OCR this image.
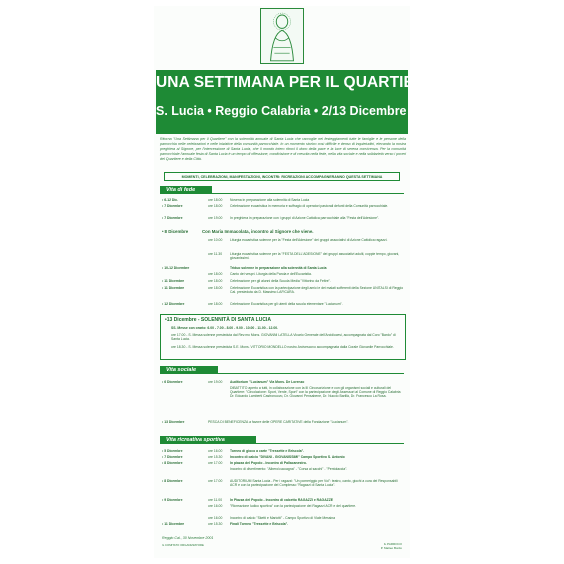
UNA SETTIMANA PER IL QUARTIERE
S. Lucia • Reggio Calabria • 2/13 Dicembre 2001
Ritorna "Una Settimana per il Quartiere" con la solennità annuale di Santa Lucia che raccoglie nei festeggiamenti tutte le famiglie e le persone della parrocchia nelle celebrazioni e nelle iniziative della comunità parrocchiale. In un momento storico così difficile e denso di inquietudini, elevando la nostra preghiera al Signore, per l'intercessione di Santa Lucia, che il mondo intero ritrovi il dono della pace e la luce di serena convivenza. Per la comunità parrocchiale l'annuale festa di Santa Lucia è un tempo di riflessione, condivisione e di crescita nella fede, nella vita sociale e nella solidarietà verso i poveri del Quartiere e della Città.
MOMENTI, CELEBRAZIONI, MANIFESTAZIONI, INCONTRI: RICREAZIONI ACCOMPAGNERANNO QUESTA SETTIMANA
Vita di fede
• 6-12 Dic.	ore 18.00	Novena in preparazione alla solennità di Santa Lucia
• 7 Dicembre	ore 18.00	Celebrazione eucaristica in memoria e suffragio di operatori pastorali defunti della Comunità parrocchiale.
• 7 Dicembre	ore 19.00	In preghiera in preparazione con i gruppi di Azione Cattolica parrocchiale alla "Festa dell'Adesione".
• 8 Dicembre	Con Maria Immacolata, incontro al Signore che viene.
ore 10.00	Liturgia eucaristica solenne per la "Festa dell'Adesione" dei gruppi associativi di Azione Cattolica ragazzi.
ore 11.30	Liturgia eucaristica solenne per la "FESTA DELL'ADESIONE" dei gruppi associativi adulti, coppie tempo, giovani, giovanissimi.
• 10-12 Dicembre	Triduo solenne in preparazione alla solennità di Santa Lucia
ore 18.00	Canto dei vespri. Liturgia della Parola e dell'Eucaristia.
• 11 Dicembre	ore 18.00	Celebrazione per gli alunni della Scuola Media "Vittorino da Feltre".
• 11 Dicembre	ore 18.00	Celebrazione Eucaristica con la partecipazione degli amici e dei malati sofferenti della Sezione UNITALSI di Reggio Cal. presieduta da D. Massimo LAFICARA.
• 12 Dicembre	ore 18.00	Celebrazione Eucaristica per gli utenti della scuola elementare "Lucianum".
•13 Dicembre - SOLENNITÀ DI SANTA LUCIA
SS. Messe con orario: 6.00 - 7.00 - 8.00 - 9.00 - 10.00 - 11.00 - 12.00.
ore 17.00 - S. Messa solenne presieduta dal Rev.mo Mons. GIOVANNI LATELLA Vicario Generale dell'Arcidiocesi, accompagnata dal Coro "Bardo" di Santa Lucia.
ore 18.30 - S. Messa solenne presieduta S.E. Mons. VITTORIO MONDELLO nostro Arcivescovo accompagnata dalla Corale Giovanile Parrocchiale.
Vita sociale
• 6 Dicembre	ore 19.00	Auditorium "Lucianum" Via Mons. De Lorenzo
DIBATTITO aperto a tutti, in collaborazione con la III Circoscrizione e con gli organismi sociali e culturali del Quartiere: "Circolazione: Sport, Verde, Sport" con la partecipazione degli Assessori al Comune di Reggio Calabria Dr. Edoardo Lamberti Castronuovo, Dr. Giovanni Pensabene, Dr. Nuccio Barillà, Dr. Francesco La Rosa.
• 13 Dicembre	PESCA DI BENEFICENZA a favore delle OPERE CARITATIVE della Fondazione "Lucianum".
Vita ricreativa sportiva
• 5 Dicembre	ore 16.00	Torneo di gioco a carte "Tressette e Briscola".
• 7 Dicembre	ore 15.30	Incontro di calcio "DIVANI - GIOVANISSIMI" Campo Sportivo S. Antonio
• 8 Dicembre	ore 17.00	In piazza del Popolo - Incontro di Pallacanestro.
Incontro di divertimento: "Albero/cuccagna" - "Corsa ai sacchi" - "Pentolaccia".
• 8 Dicembre	ore 17.00	AUDITORIUM Santa Lucia - Per i ragazzi: "Un pomeriggio per Voi": teatro, canto, giochi a cura dei Responsabili ACR e con la partecipazione del Complesso "Ragazzi di Santa Lucia".
• 9 Dicembre	ore 11.00	In Piazza del Popolo - Incontro di calcetto RAGAZZI e RAGAZZE
ore 16.00	"Ricreazione ludico sportiva" con la partecipazione dei Ragazzi ACR e del quartiere.
ore 16.00	Incontro di calcio "Sketti e Mariotti" - Campo Sportivo di Viale Messina
• 11 Dicembre	ore 15.30	Finali Torneo "Tressette e Briscola".
Reggio Cal., 30 Novembre 2001
IL COMITATO ORGANIZZATORE	IL PARROCO
P. Matteo Bordo
